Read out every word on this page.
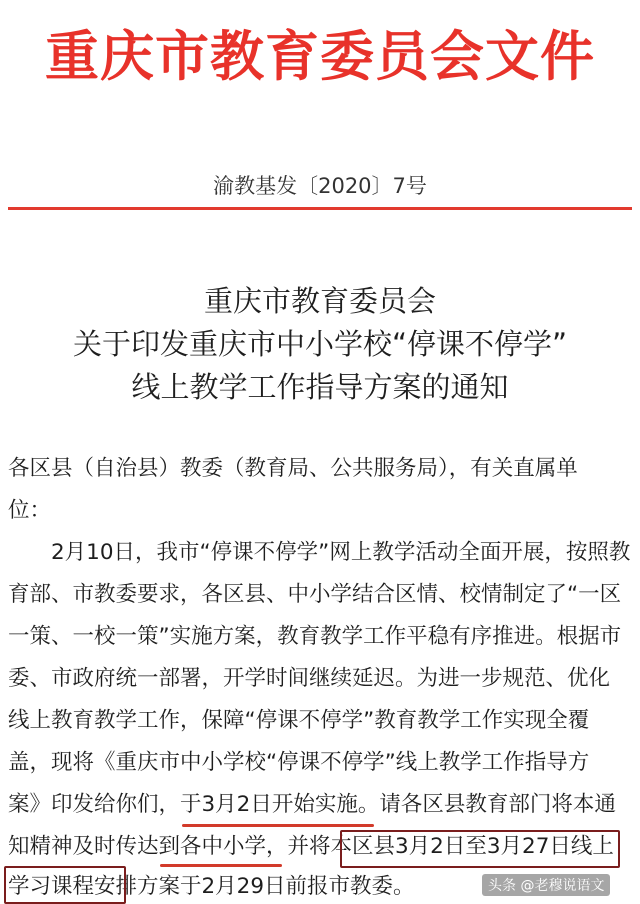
重庆市教育委员会文件
渝教基发〔2020〕7号
重庆市教育委员会
关于印发重庆市中小学校“停课不停学”
线上教学工作指导方案的通知
各区县（自治县）教委（教育局、公共服务局），有关直属单
位：
　　2月10日，我市“停课不停学”网上教学活动全面开展，按照教
育部、市教委要求，各区县、中小学结合区情、校情制定了“一区
一策、一校一策”实施方案，教育教学工作平稳有序推进。根据市
委、市政府统一部署，开学时间继续延迟。为进一步规范、优化
线上教育教学工作，保障“停课不停学”教育教学工作实现全覆
盖，现将《重庆市中小学校“停课不停学”线上教学工作指导方
案》印发给你们，于3月2日开始实施。请各区县教育部门将本通
知精神及时传达到各中小学，并将本区县3月2日至3月27日线上
学习课程安排方案于2月29日前报市教委。	头条 @老穆说语文
